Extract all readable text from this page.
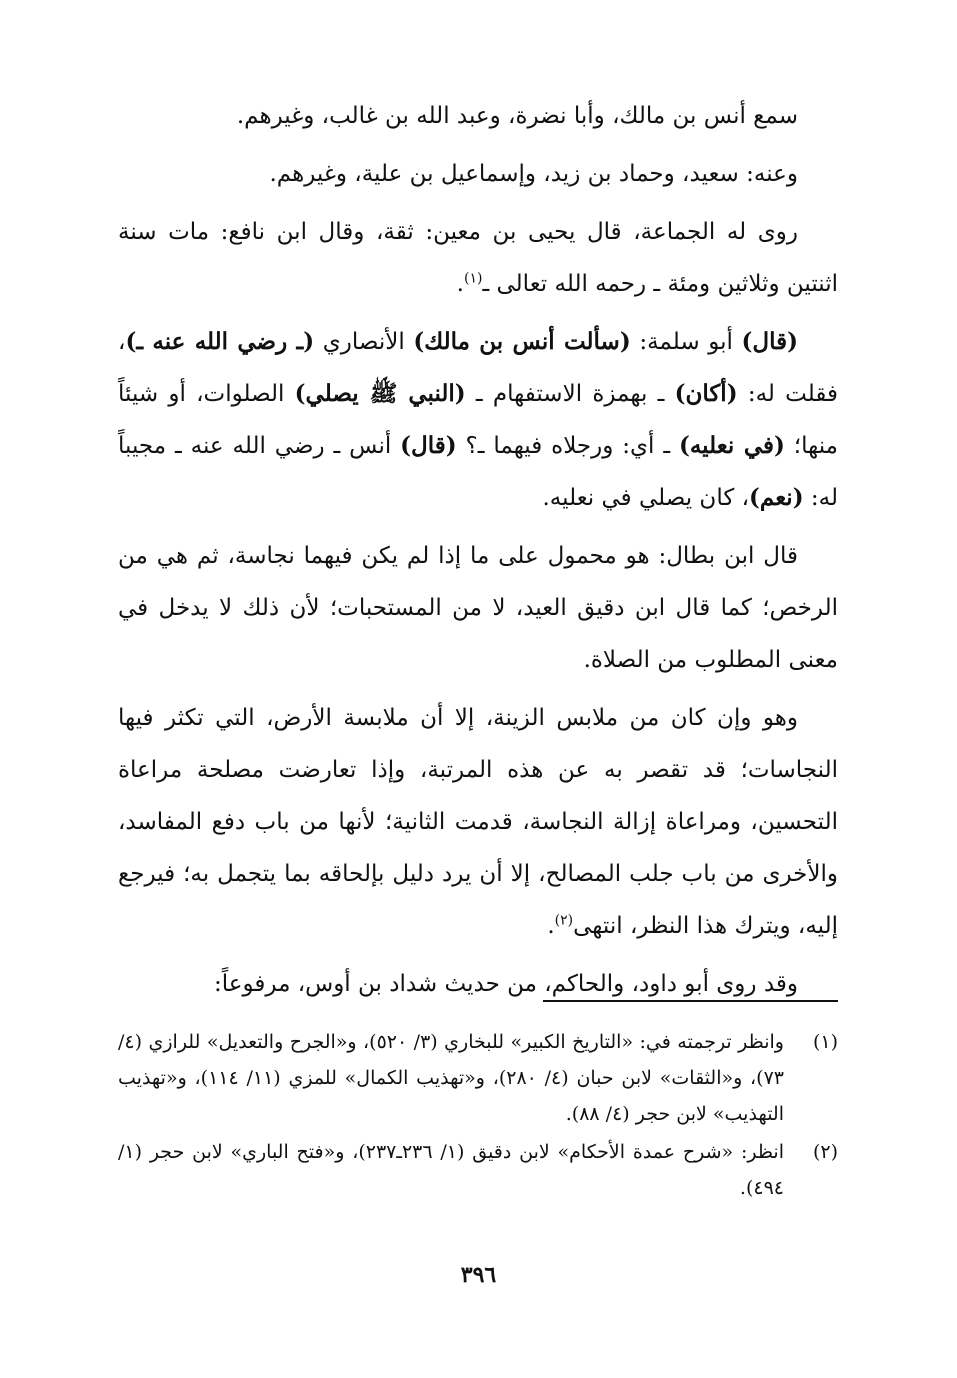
سمع أنس بن مالك، وأبا نضرة، وعبد الله بن غالب، وغيرهم.

وعنه: سعيد، وحماد بن زيد، وإسماعيل بن علية، وغيرهم.

روى له الجماعة، قال يحيى بن معين: ثقة، وقال ابن نافع: مات سنة اثنتين وثلاثين ومئة ـ رحمه الله تعالى ـ$^{(١)}$.

(قال) أبو سلمة: (سألت أنس بن مالك) الأنصاري (ـ رضي الله عنه ـ)، فقلت له: (أكان) ـ بهمزة الاستفهام ـ (النبي ﷺ يصلي) الصلوات، أو شيئاً منها؛ (في نعليه) ـ أي: ورجلاه فيهما ـ؟ (قال) أنس ـ رضي الله عنه ـ مجيباً له: (نعم)، كان يصلي في نعليه.

قال ابن بطال: هو محمول على ما إذا لم يكن فيهما نجاسة، ثم هي من الرخص؛ كما قال ابن دقيق العيد، لا من المستحبات؛ لأن ذلك لا يدخل في معنى المطلوب من الصلاة.

وهو وإن كان من ملابس الزينة، إلا أن ملابسة الأرض، التي تكثر فيها النجاسات؛ قد تقصر به عن هذه المرتبة، وإذا تعارضت مصلحة مراعاة التحسين، ومراعاة إزالة النجاسة، قدمت الثانية؛ لأنها من باب دفع المفاسد، والأخرى من باب جلب المصالح، إلا أن يرد دليل بإلحاقه بما يتجمل به؛ فيرجع إليه، ويترك هذا النظر، انتهى$^{(٢)}$.

وقد روى أبو داود، والحاكم، من حديث شداد بن أوس، مرفوعاً:

(١)
وانظر ترجمته في: «التاريخ الكبير» للبخاري (٣/ ٥٢٠)، و«الجرح والتعديل» للرازي (٤/ ٧٣)، و«الثقات» لابن حبان (٤/ ٢٨٠)، و«تهذيب الكمال» للمزي (١١/ ١١٤)، و«تهذيب التهذيب» لابن حجر (٤/ ٨٨).
(٢)
انظر: «شرح عمدة الأحكام» لابن دقيق (١/ ٢٣٦ـ٢٣٧)، و«فتح الباري» لابن حجر (١/ ٤٩٤).
٣٩٦
